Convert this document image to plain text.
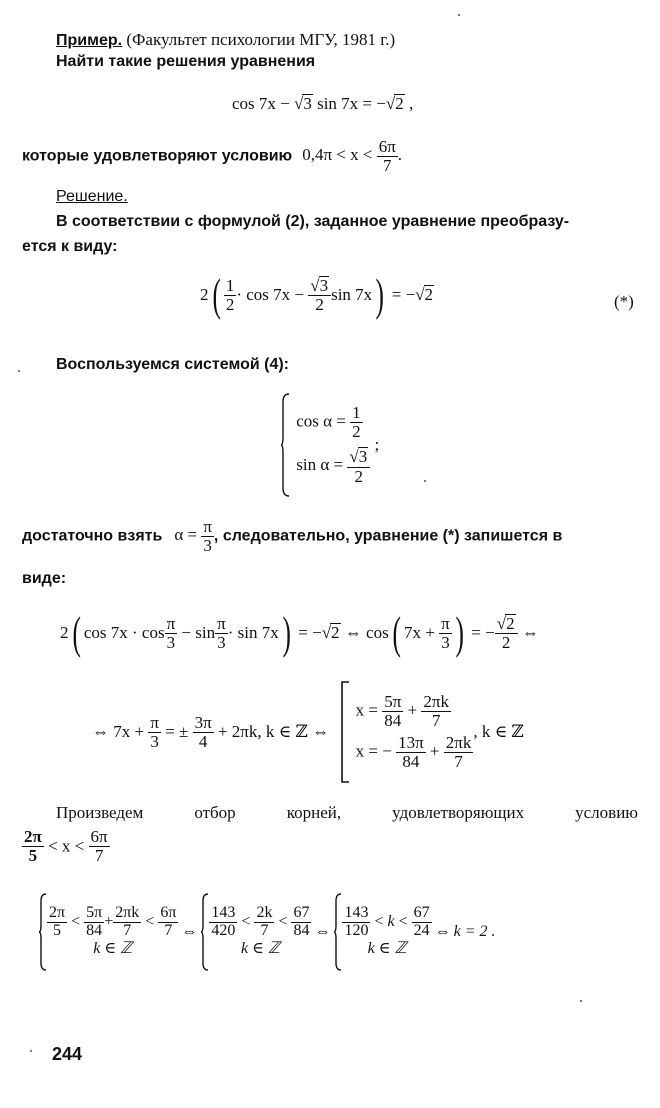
Пример. (Факультет психологии МГУ, 1981 г.)
Найти такие решения уравнения
cos 7x − √3 sin 7x = −√2 ,
которые удовлетворяют условию $0,4\pi < x < \frac{6\pi}{7}$ .
Решение.
В соответствии с формулой (2), заданное уравнение преобразу-
ется к виду:
$2( \frac{1}{2} \cdot \cos 7x - \frac{√3}{2}$ sin 7x) = −√2	(*)
Воспользуемся системой (4):

$\cos \alpha = \frac{1}{2}$
$\sin \alpha = \frac{√3}{2}$
;
достаточно взять $\alpha = \frac{\pi}{3}$ , следовательно, уравнение (*) запишется в
виде:
2( $\cos 7x \cdot \cos \frac{\pi}{3} - \sin \frac{\pi}{3} \cdot \sin 7x) = -√2$ ⇔ cos( $7x + \frac{\pi}{3}$ ) = − $\frac{√2}{2}$ ⇔
⇔ $7x + \frac{\pi}{3}$ = ± $\frac{3\pi}{4} + 2\pi k$, k ∈ ℤ ⇔
$x = \frac{5\pi}{84} + \frac{2\pi k}{7}$
x = − $\frac{13\pi}{84} + \frac{2\pi k}{7}$
, k ∈ ℤ
Произведем	отбор	корней,	удовлетворяющих	условию
$\frac{2\pi}{5} < x < \frac{6\pi}{7}$
$\frac{2\pi}{5} < \frac{5\pi}{84} + \frac{2\pi k}{7} < \frac{6\pi}{7}$
k ∈ ℤ
⇔ $\frac{143}{420} < \frac{2k}{7} < \frac{67}{84}$
k ∈ ℤ
⇔ $\frac{143}{120} < k < \frac{67}{24}$
k ∈ ℤ
⇔ k = 2 .
244
